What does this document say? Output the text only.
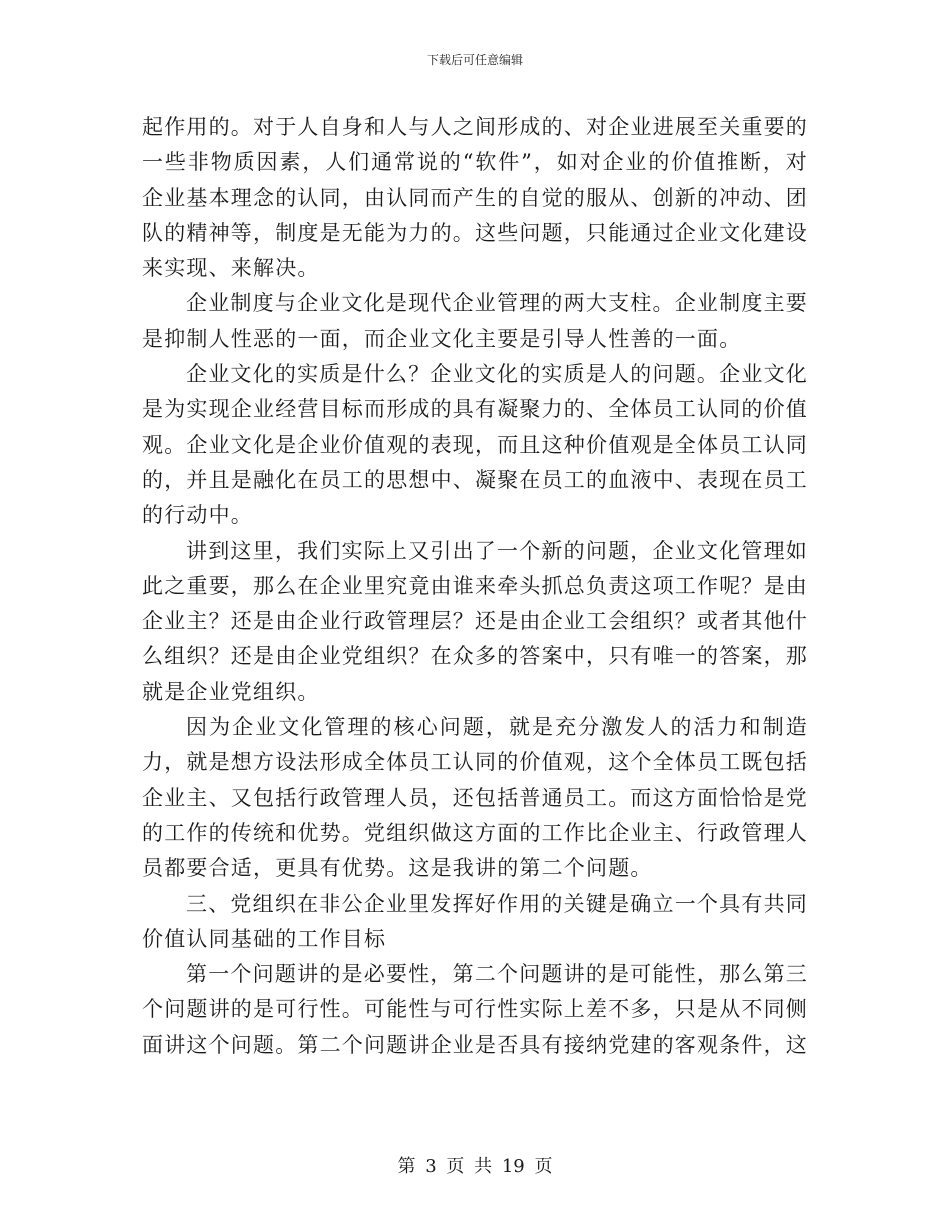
下载后可任意编辑

起作用的。对于人自身和人与人之间形成的、对企业进展至关重要的一些非物质因素，人们通常说的“软件”，如对企业的价值推断，对企业基本理念的认同，由认同而产生的自觉的服从、创新的冲动、团队的精神等，制度是无能为力的。这些问题，只能通过企业文化建设来实现、来解决。

企业制度与企业文化是现代企业管理的两大支柱。企业制度主要是抑制人性恶的一面，而企业文化主要是引导人性善的一面。

企业文化的实质是什么？企业文化的实质是人的问题。企业文化是为实现企业经营目标而形成的具有凝聚力的、全体员工认同的价值观。企业文化是企业价值观的表现，而且这种价值观是全体员工认同的，并且是融化在员工的思想中、凝聚在员工的血液中、表现在员工的行动中。

讲到这里，我们实际上又引出了一个新的问题，企业文化管理如此之重要，那么在企业里究竟由谁来牵头抓总负责这项工作呢？是由企业主？还是由企业行政管理层？还是由企业工会组织？或者其他什么组织？还是由企业党组织？在众多的答案中，只有唯一的答案，那就是企业党组织。

因为企业文化管理的核心问题，就是充分激发人的活力和制造力，就是想方设法形成全体员工认同的价值观，这个全体员工既包括企业主、又包括行政管理人员，还包括普通员工。而这方面恰恰是党的工作的传统和优势。党组织做这方面的工作比企业主、行政管理人员都要合适，更具有优势。这是我讲的第二个问题。

三、党组织在非公企业里发挥好作用的关键是确立一个具有共同价值认同基础的工作目标

第一个问题讲的是必要性，第二个问题讲的是可能性，那么第三个问题讲的是可行性。可能性与可行性实际上差不多，只是从不同侧面讲这个问题。第二个问题讲企业是否具有接纳党建的客观条件，这

第 3 页 共 19 页
